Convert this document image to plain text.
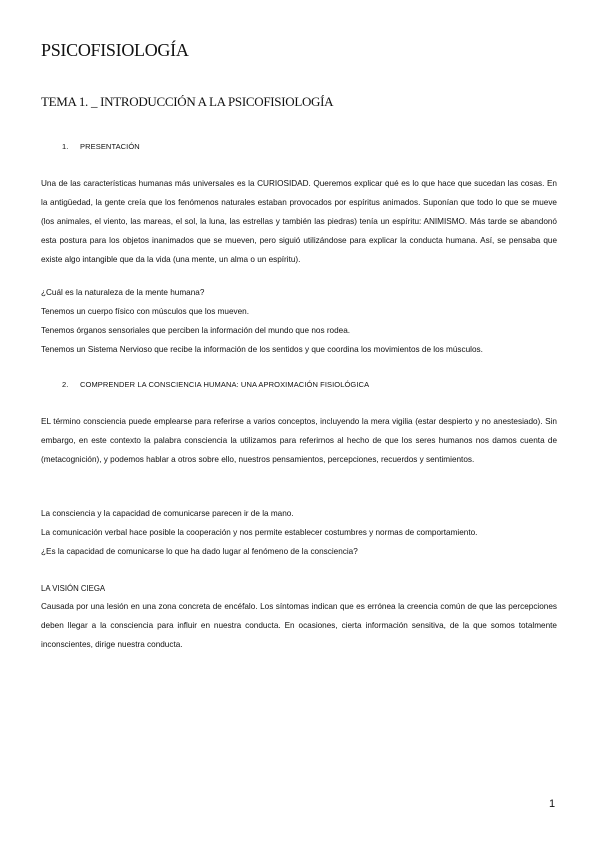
PSICOFISIOLOGÍA
TEMA 1. _ INTRODUCCIÓN A LA PSICOFISIOLOGÍA
1. PRESENTACIÓN
Una de las características humanas más universales es la CURIOSIDAD. Queremos explicar qué es lo que hace que sucedan las cosas. En la antigüedad, la gente creía que los fenómenos naturales estaban provocados por espíritus animados. Suponían que todo lo que se mueve (los animales, el viento, las mareas, el sol, la luna, las estrellas y también las piedras) tenía un espíritu: ANIMISMO. Más tarde se abandonó esta postura para los objetos inanimados que se mueven, pero siguió utilizándose para explicar la conducta humana. Así, se pensaba que existe algo intangible que da la vida (una mente, un alma o un espíritu).
¿Cuál es la naturaleza de la mente humana?
Tenemos un cuerpo físico con músculos que los mueven.
Tenemos órganos sensoriales que perciben la información del mundo que nos rodea.
Tenemos un Sistema Nervioso que recibe la información de los sentidos y que coordina los movimientos de los músculos.
2. COMPRENDER LA CONSCIENCIA HUMANA: UNA APROXIMACIÓN FISIOLÓGICA
EL término consciencia puede emplearse para referirse a varios conceptos, incluyendo la mera vigilia (estar despierto y no anestesiado). Sin embargo, en este contexto la palabra consciencia la utilizamos para referirnos al hecho de que los seres humanos nos damos cuenta de (metacognición), y podemos hablar a otros sobre ello, nuestros pensamientos, percepciones, recuerdos y sentimientos.
La consciencia y la capacidad de comunicarse parecen ir de la mano.
La comunicación verbal hace posible la cooperación y nos permite establecer costumbres y normas de comportamiento.
¿Es la capacidad de comunicarse lo que ha dado lugar al fenómeno de la consciencia?
LA VISIÓN CIEGA
Causada por una lesión en una zona concreta de encéfalo. Los síntomas indican que es errónea la creencia común de que las percepciones deben llegar a la consciencia para influir en nuestra conducta. En ocasiones, cierta información sensitiva, de la que somos totalmente inconscientes, dirige nuestra conducta.
1
